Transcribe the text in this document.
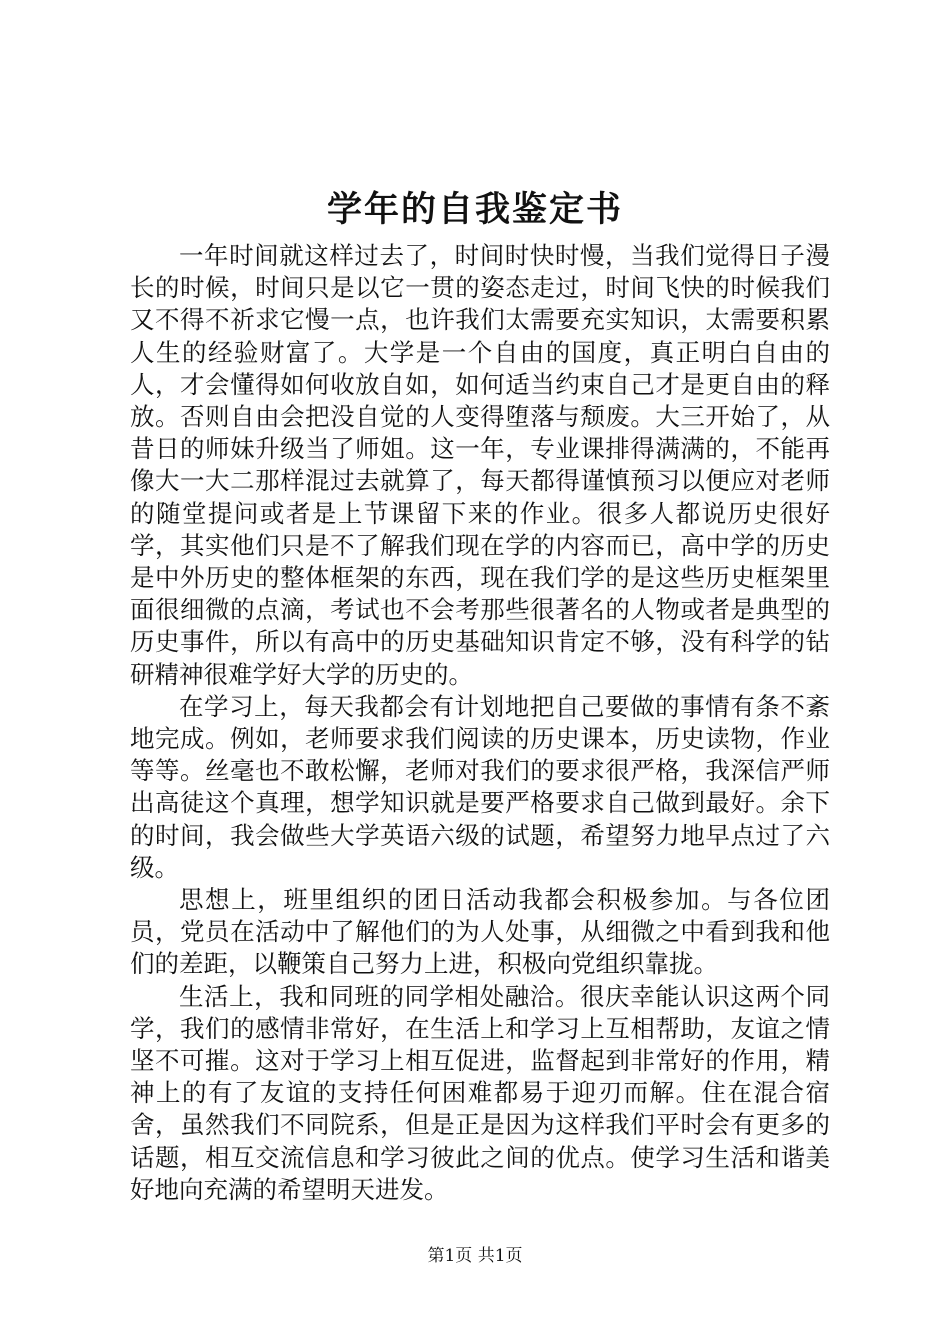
学年的自我鉴定书

一年时间就这样过去了，时间时快时慢，当我们觉得日子漫长的时候，时间只是以它一贯的姿态走过，时间飞快的时候我们又不得不祈求它慢一点，也许我们太需要充实知识，太需要积累人生的经验财富了。大学是一个自由的国度，真正明白自由的人，才会懂得如何收放自如，如何适当约束自己才是更自由的释放。否则自由会把没自觉的人变得堕落与颓废。大三开始了，从昔日的师妹升级当了师姐。这一年，专业课排得满满的，不能再像大一大二那样混过去就算了，每天都得谨慎预习以便应对老师的随堂提问或者是上节课留下来的作业。很多人都说历史很好学，其实他们只是不了解我们现在学的内容而已，高中学的历史是中外历史的整体框架的东西，现在我们学的是这些历史框架里面很细微的点滴，考试也不会考那些很著名的人物或者是典型的历史事件，所以有高中的历史基础知识肯定不够，没有科学的钻研精神很难学好大学的历史的。

在学习上，每天我都会有计划地把自己要做的事情有条不紊地完成。例如，老师要求我们阅读的历史课本，历史读物，作业等等。丝毫也不敢松懈，老师对我们的要求很严格，我深信严师出高徒这个真理，想学知识就是要严格要求自己做到最好。余下的时间，我会做些大学英语六级的试题，希望努力地早点过了六级。

思想上，班里组织的团日活动我都会积极参加。与各位团员，党员在活动中了解他们的为人处事，从细微之中看到我和他们的差距，以鞭策自己努力上进，积极向党组织靠拢。

生活上，我和同班的同学相处融洽。很庆幸能认识这两个同学，我们的感情非常好，在生活上和学习上互相帮助，友谊之情坚不可摧。这对于学习上相互促进，监督起到非常好的作用，精神上的有了友谊的支持任何困难都易于迎刃而解。住在混合宿舍，虽然我们不同院系，但是正是因为这样我们平时会有更多的话题，相互交流信息和学习彼此之间的优点。使学习生活和谐美好地向充满的希望明天进发。

第1页 共1页
